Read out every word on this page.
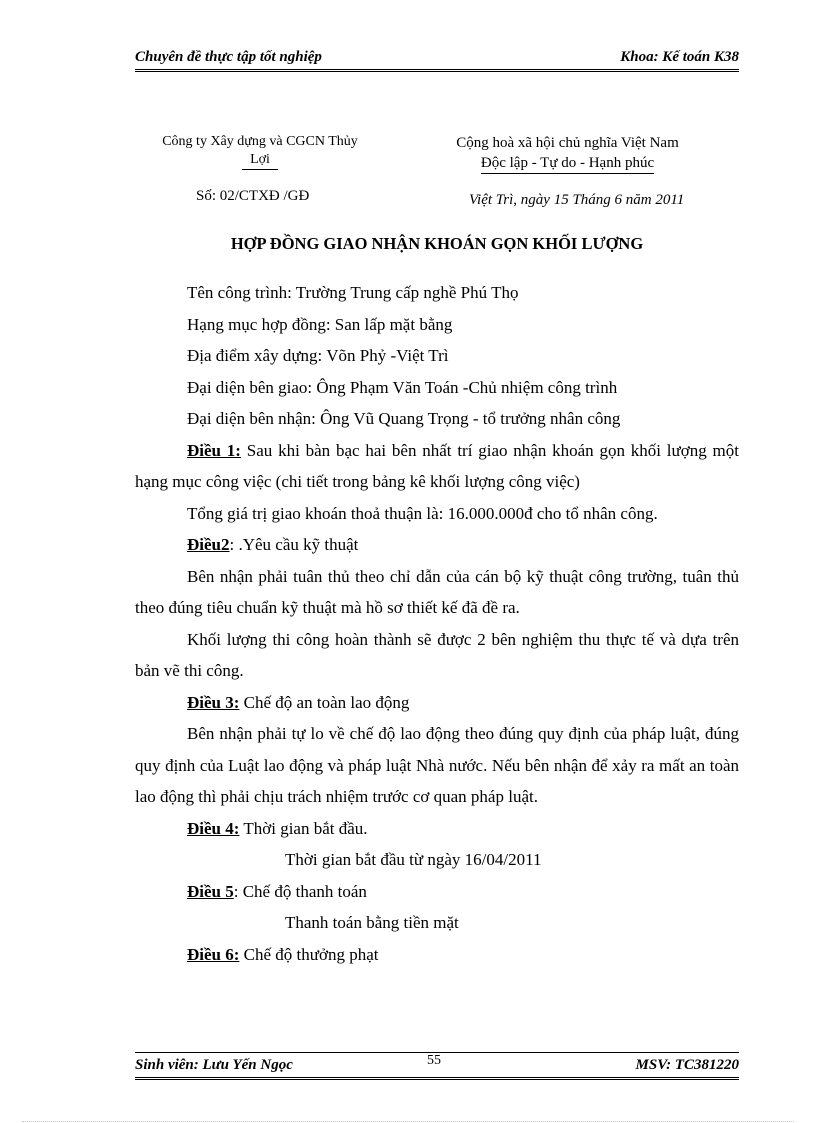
Chuyên đề thực tập tốt nghiệp	Khoa: Kế toán K38
Công ty Xây dựng và CGCN Thủy
Lợi
Cộng hoà xã hội chủ nghĩa Việt Nam
Độc lập - Tự do - Hạnh phúc
Số: 02/CTXĐ /GĐ	Việt Trì, ngày 15 Tháng 6 năm 2011
HỢP ĐỒNG GIAO NHẬN KHOÁN GỌN KHỐI LƯỢNG

Tên công trình: Trường Trung cấp nghề Phú Thọ

Hạng mục hợp đồng: San lấp mặt bằng

Địa điểm xây dựng: Võn Phỷ -Việt Trì

Đại diện bên giao: Ông Phạm Văn Toán -Chủ nhiệm công trình

Đại diện bên nhận: Ông Vũ Quang Trọng - tổ trưởng nhân công

Điều 1: Sau khi bàn bạc hai bên nhất trí giao nhận khoán gọn khối lượng một hạng mục công việc (chi tiết trong bảng kê khối lượng công việc)

Tổng giá trị giao khoán thoả thuận là: 16.000.000đ cho tổ nhân công.

Điều2: .Yêu cầu kỹ thuật

Bên nhận phải tuân thủ theo chỉ dẫn của cán bộ kỹ thuật công trường, tuân thủ theo đúng tiêu chuẩn kỹ thuật mà hồ sơ thiết kế đã đề ra.

Khối lượng thi công hoàn thành sẽ được 2 bên nghiệm thu thực tế và dựa trên bản vẽ thi công.

Điều 3: Chế độ an toàn lao động

Bên nhận phải tự lo về chế độ lao động theo đúng quy định của pháp luật, đúng quy định của Luật lao động và pháp luật Nhà nước. Nếu bên nhận để xảy ra mất an toàn lao động thì phải chịu trách nhiệm trước cơ quan pháp luật.

Điều 4: Thời gian bắt đầu.

Thời gian bắt đầu từ ngày 16/04/2011

Điều 5: Chế độ thanh toán

Thanh toán bằng tiền mặt

Điều 6: Chế độ thưởng phạt

Sinh viên: Lưu Yến Ngọc	55	MSV: TC381220
